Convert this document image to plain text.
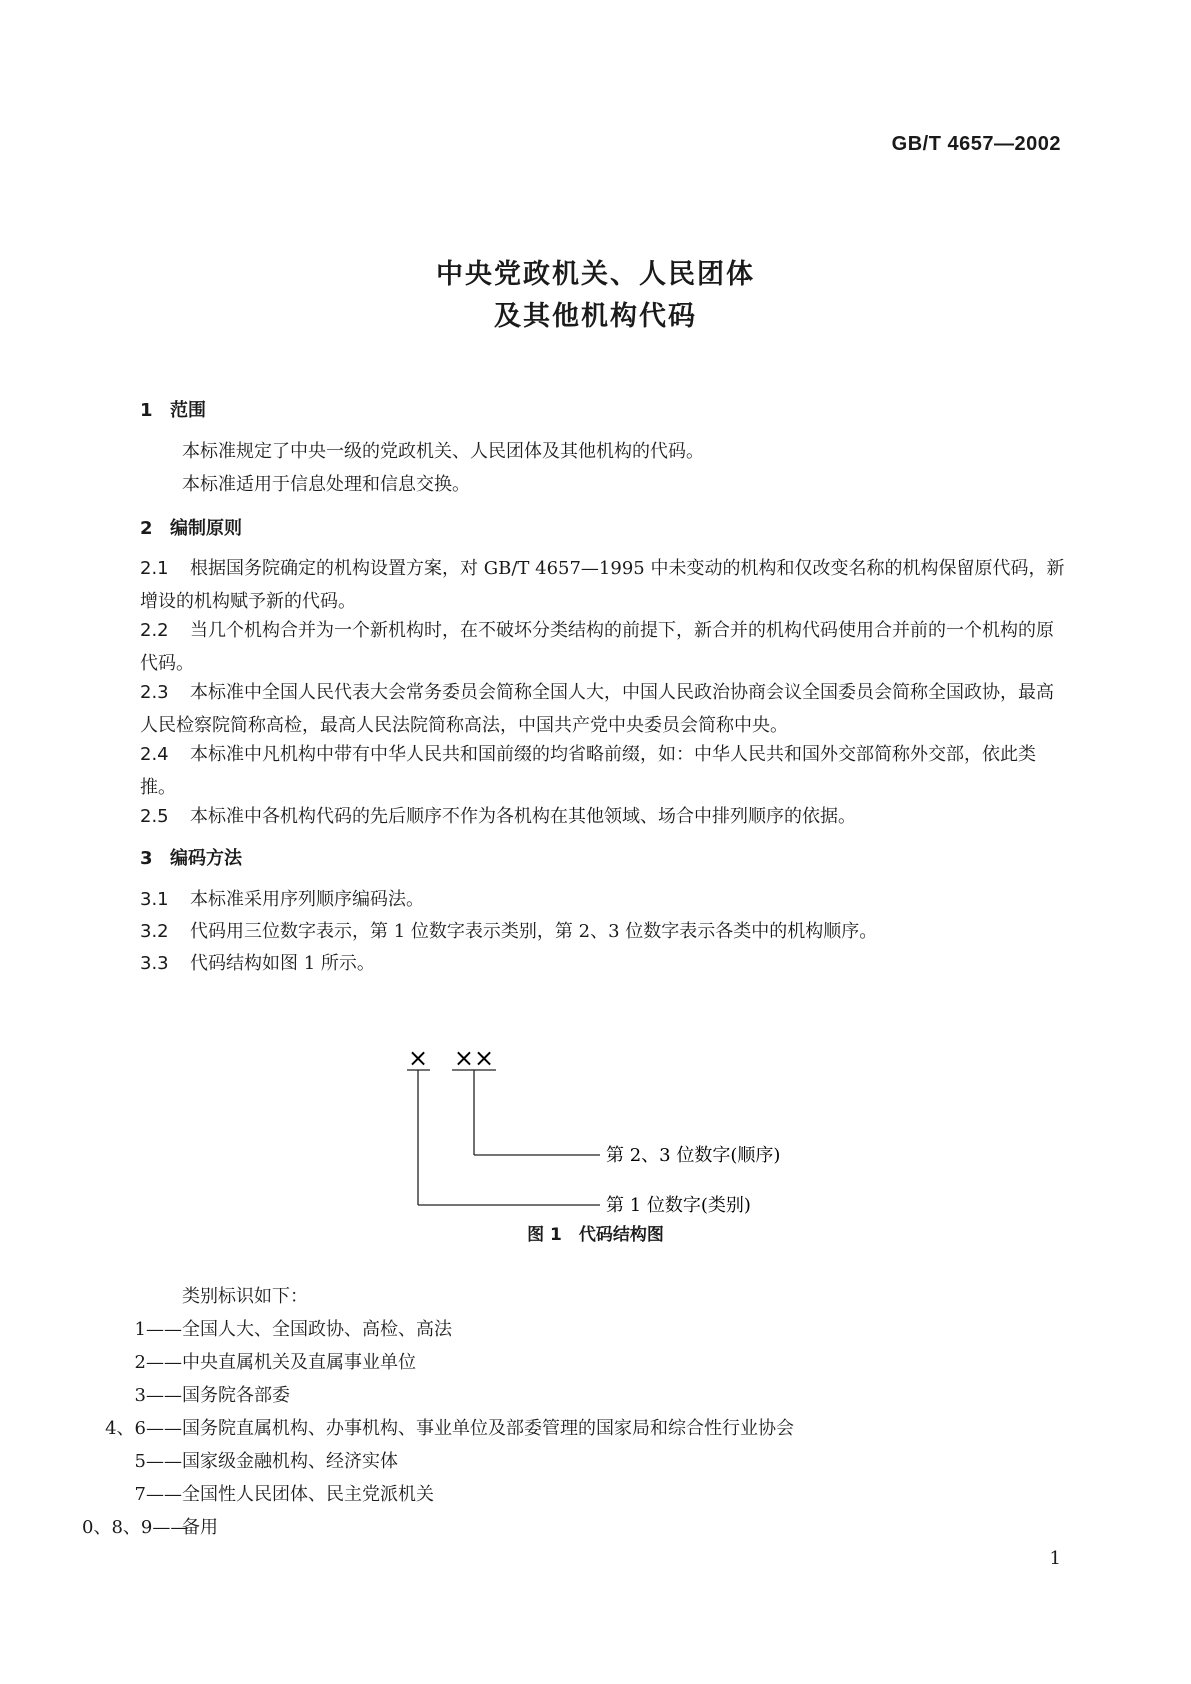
GB/T 4657—2002
中央党政机关、人民团体
及其他机构代码
1 范围
本标准规定了中央一级的党政机关、人民团体及其他机构的代码。
本标准适用于信息处理和信息交换。
2 编制原则
2.1 根据国务院确定的机构设置方案，对 GB/T 4657—1995 中未变动的机构和仅改变名称的机构保留原代码，新增设的机构赋予新的代码。
2.2 当几个机构合并为一个新机构时，在不破坏分类结构的前提下，新合并的机构代码使用合并前的一个机构的原代码。
2.3 本标准中全国人民代表大会常务委员会简称全国人大，中国人民政治协商会议全国委员会简称全国政协，最高人民检察院简称高检，最高人民法院简称高法，中国共产党中央委员会简称中央。
2.4 本标准中凡机构中带有中华人民共和国前缀的均省略前缀，如：中华人民共和国外交部简称外交部，依此类推。
2.5 本标准中各机构代码的先后顺序不作为各机构在其他领域、场合中排列顺序的依据。
3 编码方法
3.1 本标准采用序列顺序编码法。
3.2 代码用三位数字表示，第 1 位数字表示类别，第 2、3 位数字表示各类中的机构顺序。
3.3 代码结构如图 1 所示。
× ××
第 2、3 位数字(顺序)
第 1 位数字(类别)
图 1　代码结构图
类别标识如下：
1——全国人大、全国政协、高检、高法
2——中央直属机关及直属事业单位
3——国务院各部委
4、6——国务院直属机构、办事机构、事业单位及部委管理的国家局和综合性行业协会
5——国家级金融机构、经济实体
7——全国性人民团体、民主党派机关
0、8、9——备用
1
